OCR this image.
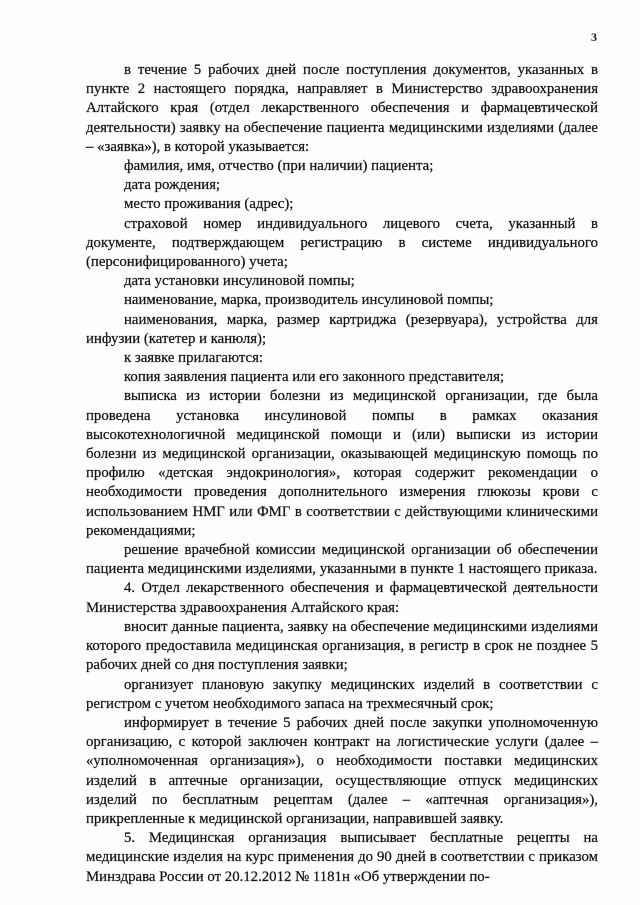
3

в течение 5 рабочих дней после поступления документов, указанных в пункте 2 настоящего порядка, направляет в Министерство здравоохранения Алтайского края (отдел лекарственного обеспечения и фармацевтической деятельности) заявку на обеспечение пациента медицинскими изделиями (далее – «заявка»), в которой указывается:

фамилия, имя, отчество (при наличии) пациента;

дата рождения;

место проживания (адрес);

страховой номер индивидуального лицевого счета, указанный в документе, подтверждающем регистрацию в системе индивидуального (персонифицированного) учета;

дата установки инсулиновой помпы;

наименование, марка, производитель инсулиновой помпы;

наименования, марка, размер картриджа (резервуара), устройства для инфузии (катетер и канюля);

к заявке прилагаются:

копия заявления пациента или его законного представителя;

выписка из истории болезни из медицинской организации, где была проведена установка инсулиновой помпы в рамках оказания высокотехнологичной медицинской помощи и (или) выписки из истории болезни из медицинской организации, оказывающей медицинскую помощь по профилю «детская эндокринология», которая содержит рекомендации о необходимости проведения дополнительного измерения глюкозы крови с использованием НМГ или ФМГ в соответствии с действующими клиническими рекомендациями;

решение врачебной комиссии медицинской организации об обеспечении пациента медицинскими изделиями, указанными в пункте 1 настоящего приказа.

4. Отдел лекарственного обеспечения и фармацевтической деятельности Министерства здравоохранения Алтайского края:

вносит данные пациента, заявку на обеспечение медицинскими изделиями которого предоставила медицинская организация, в регистр в срок не позднее 5 рабочих дней со дня поступления заявки;

организует плановую закупку медицинских изделий в соответствии с регистром с учетом необходимого запаса на трехмесячный срок;

информирует в течение 5 рабочих дней после закупки уполномоченную организацию, с которой заключен контракт на логистические услуги (далее – «уполномоченная организация»), о необходимости поставки медицинских изделий в аптечные организации, осуществляющие отпуск медицинских изделий по бесплатным рецептам (далее – «аптечная организация»), прикрепленные к медицинской организации, направившей заявку.

5. Медицинская организация выписывает бесплатные рецепты на медицинские изделия на курс применения до 90 дней в соответствии с приказом Минздрава России от 20.12.2012 № 1181н «Об утверждении по-
